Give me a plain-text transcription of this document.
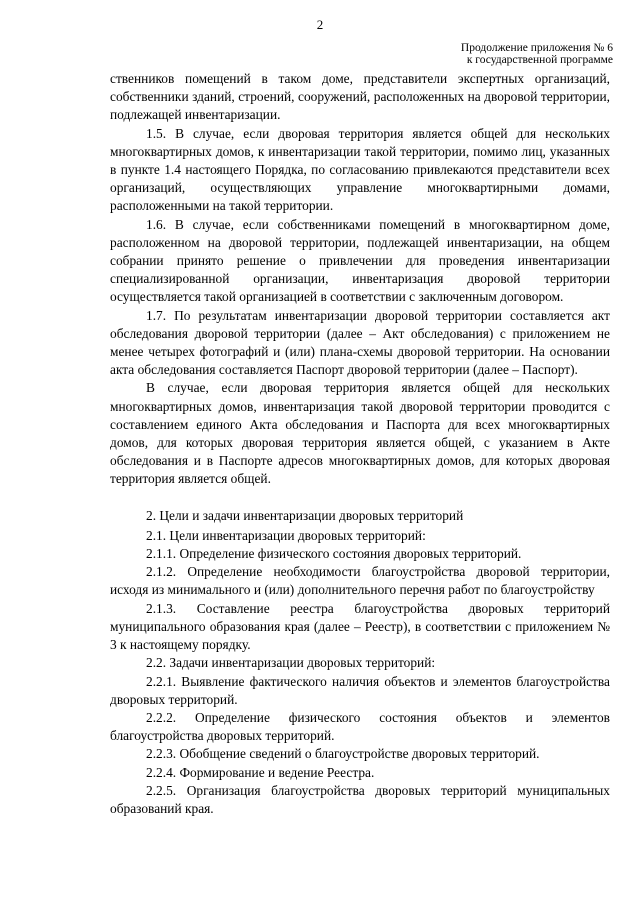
2
Продолжение приложения № 6
к государственной программе

ственников помещений в таком доме, представители экспертных организаций, собственники зданий, строений, сооружений, расположенных на дворовой территории, подлежащей инвентаризации.

1.5. В случае, если дворовая территория является общей для нескольких многоквартирных домов, к инвентаризации такой территории, помимо лиц, указанных в пункте 1.4 настоящего Порядка, по согласованию привлекаются представители всех организаций, осуществляющих управление многоквартирными домами, расположенными на такой территории.

1.6. В случае, если собственниками помещений в многоквартирном доме, расположенном на дворовой территории, подлежащей инвентаризации, на общем собрании принято решение о привлечении для проведения инвентаризации специализированной организации, инвентаризация дворовой территории осуществляется такой организацией в соответствии с заключенным договором.

1.7. По результатам инвентаризации дворовой территории составляется акт обследования дворовой территории (далее – Акт обследования) с приложением не менее четырех фотографий и (или) плана-схемы дворовой территории. На основании акта обследования составляется Паспорт дворовой территории (далее – Паспорт).

В случае, если дворовая территория является общей для нескольких многоквартирных домов, инвентаризация такой дворовой территории проводится с составлением единого Акта обследования и Паспорта для всех многоквартирных домов, для которых дворовая территория является общей, с указанием в Акте обследования и в Паспорте адресов многоквартирных домов, для которых дворовая территория является общей.

2. Цели и задачи инвентаризации дворовых территорий

2.1. Цели инвентаризации дворовых территорий:

2.1.1. Определение физического состояния дворовых территорий.

2.1.2. Определение необходимости благоустройства дворовой территории, исходя из минимального и (или) дополнительного перечня работ по благоустройству

2.1.3. Составление реестра благоустройства дворовых территорий муниципального образования края (далее – Реестр), в соответствии с приложением № 3 к настоящему порядку.

2.2. Задачи инвентаризации дворовых территорий:

2.2.1. Выявление фактического наличия объектов и элементов благоустройства дворовых территорий.

2.2.2. Определение физического состояния объектов и элементов благоустройства дворовых территорий.

2.2.3. Обобщение сведений о благоустройстве дворовых территорий.

2.2.4. Формирование и ведение Реестра.

2.2.5. Организация благоустройства дворовых территорий муниципальных образований края.
